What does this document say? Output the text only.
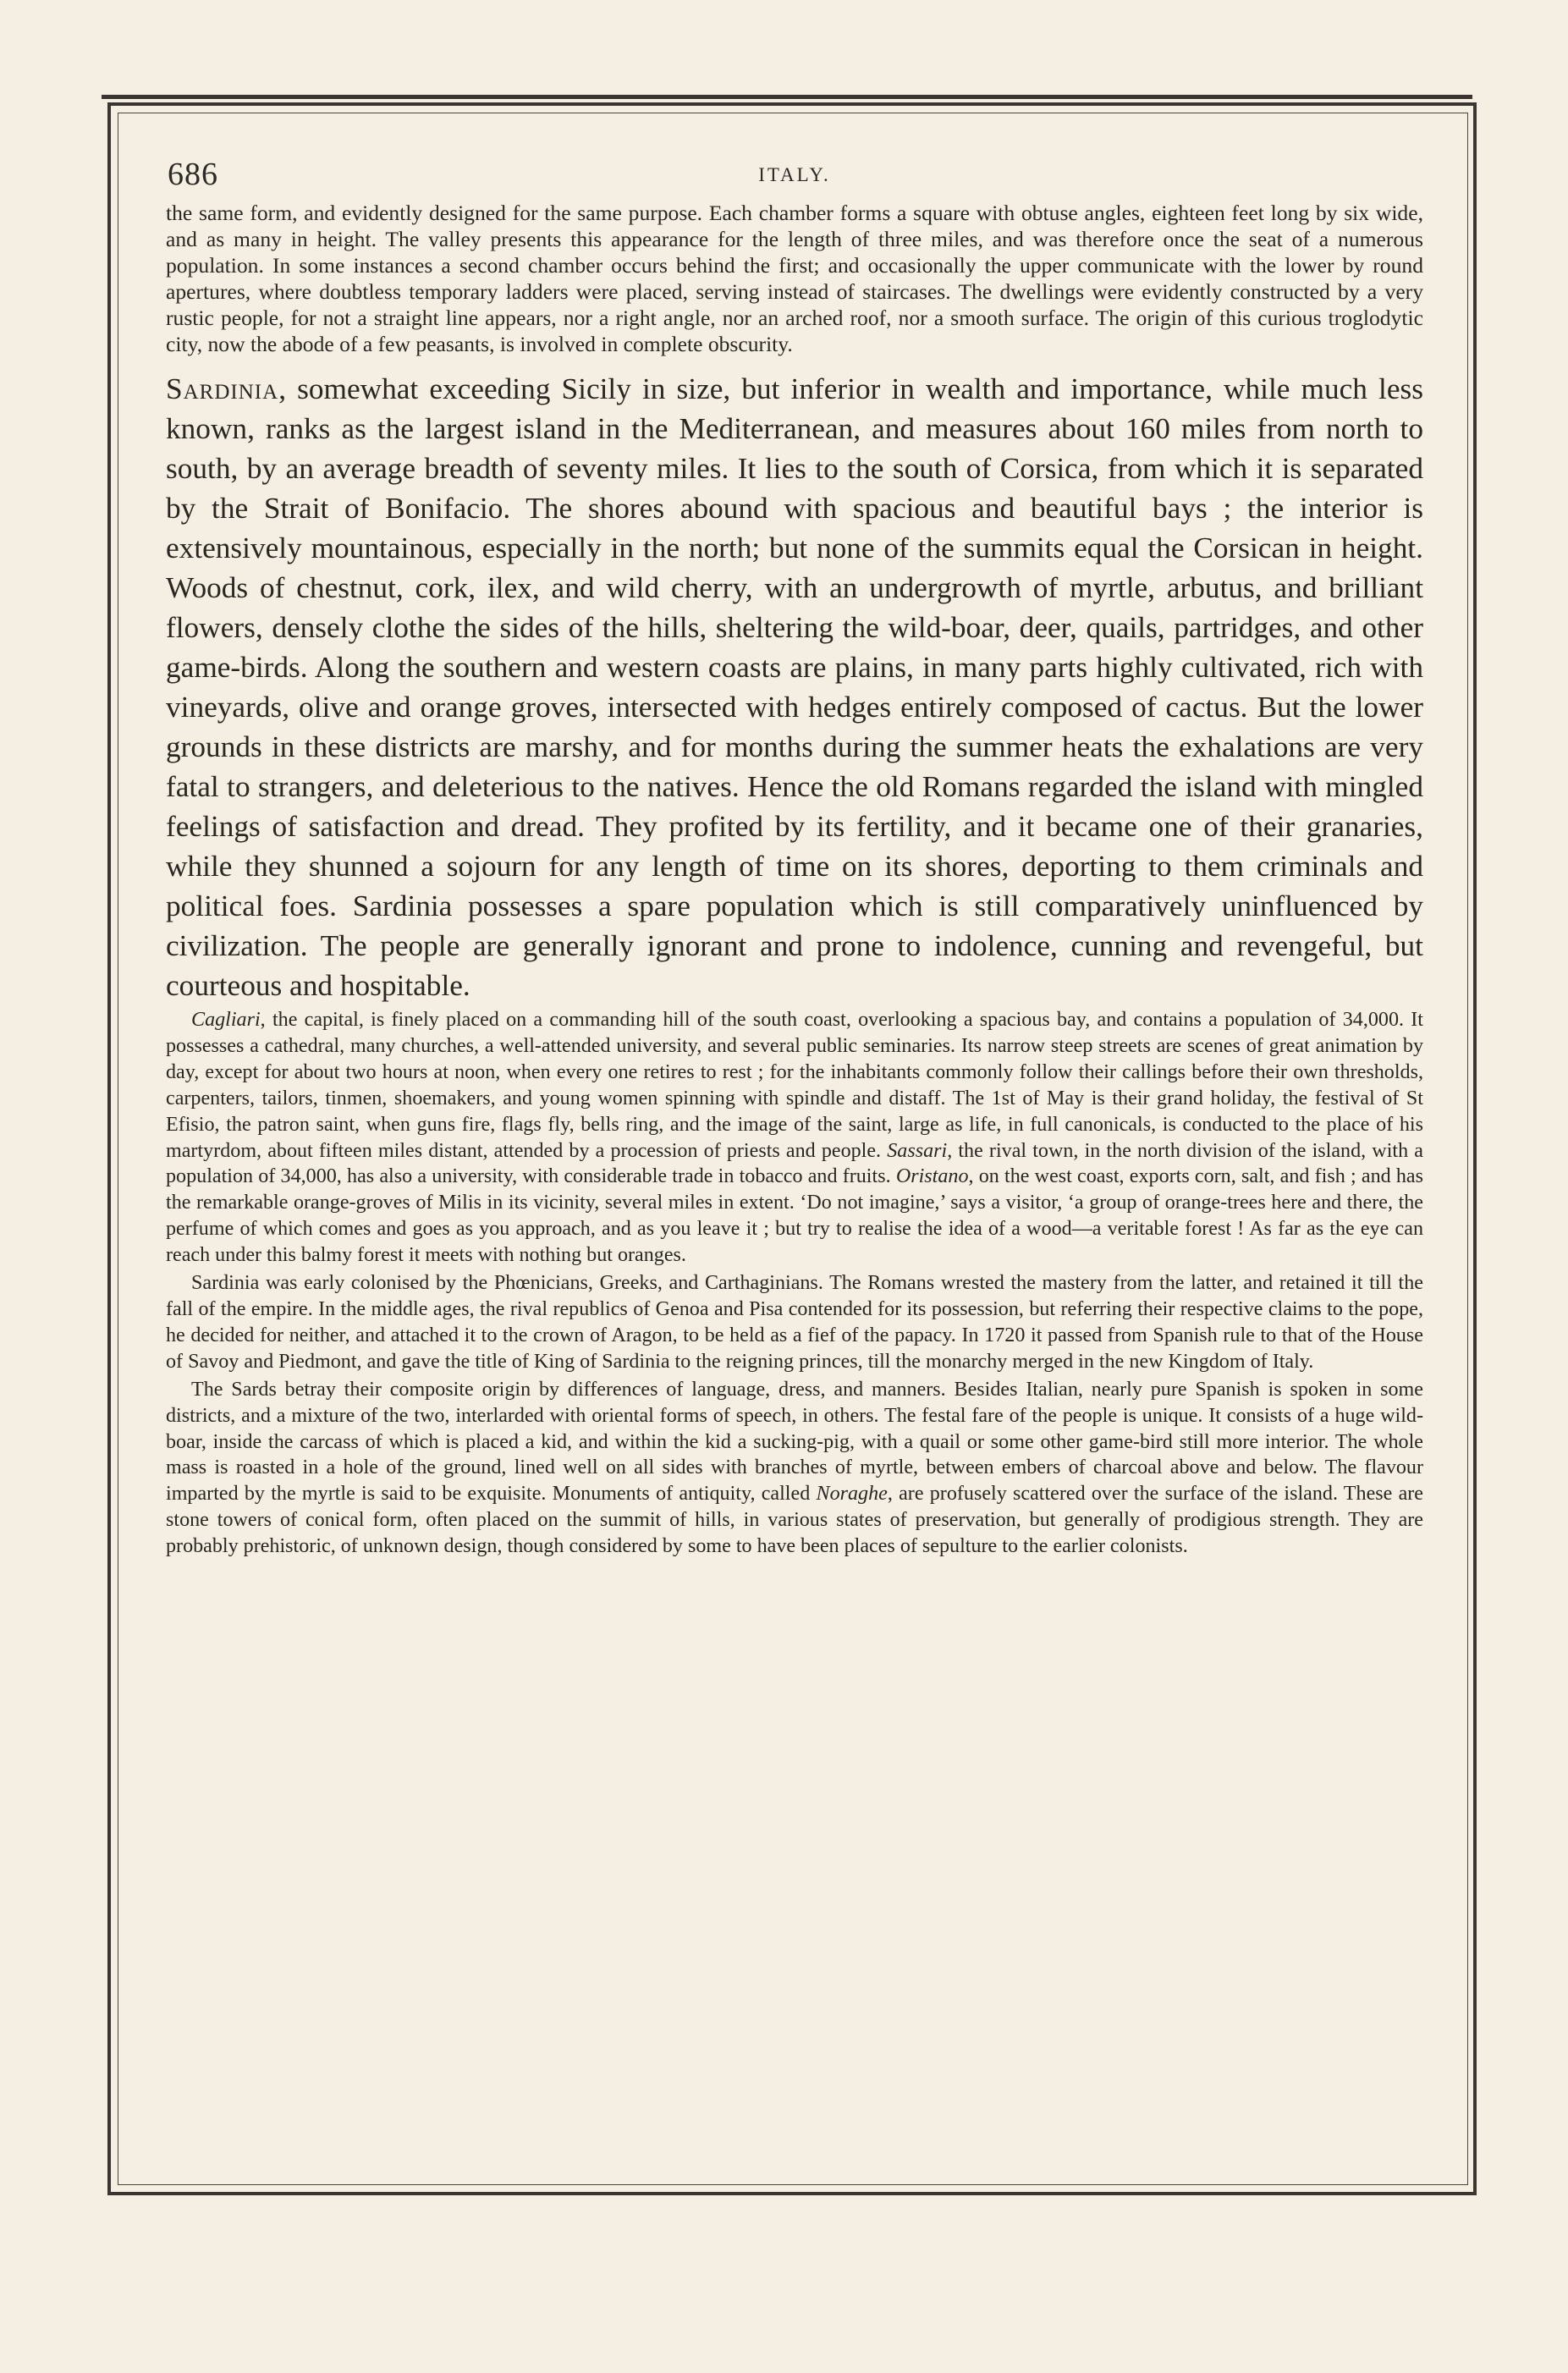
686	ITALY.

the same form, and evidently designed for the same purpose. Each chamber forms a square with obtuse angles, eighteen feet long by six wide, and as many in height. The valley presents this appearance for the length of three miles, and was therefore once the seat of a numerous population. In some instances a second chamber occurs behind the first; and occasionally the upper communicate with the lower by round apertures, where doubtless temporary ladders were placed, serving instead of staircases. The dwellings were evidently constructed by a very rustic people, for not a straight line appears, nor a right angle, nor an arched roof, nor a smooth surface. The origin of this curious troglodytic city, now the abode of a few peasants, is involved in complete obscurity.

Sardinia, somewhat exceeding Sicily in size, but inferior in wealth and importance, while much less known, ranks as the largest island in the Mediterranean, and measures about 160 miles from north to south, by an average breadth of seventy miles. It lies to the south of Corsica, from which it is separated by the Strait of Bonifacio. The shores abound with spacious and beautiful bays ; the interior is extensively mountainous, especially in the north; but none of the summits equal the Corsican in height. Woods of chestnut, cork, ilex, and wild cherry, with an undergrowth of myrtle, arbutus, and brilliant flowers, densely clothe the sides of the hills, sheltering the wild-boar, deer, quails, partridges, and other game-birds. Along the southern and western coasts are plains, in many parts highly cultivated, rich with vineyards, olive and orange groves, intersected with hedges entirely composed of cactus. But the lower grounds in these districts are marshy, and for months during the summer heats the exhalations are very fatal to strangers, and deleterious to the natives. Hence the old Romans regarded the island with mingled feelings of satisfaction and dread. They profited by its fertility, and it became one of their granaries, while they shunned a sojourn for any length of time on its shores, deporting to them criminals and political foes. Sardinia possesses a spare population which is still comparatively uninfluenced by civilization. The people are generally ignorant and prone to indolence, cunning and revengeful, but courteous and hospitable.

Cagliari, the capital, is finely placed on a commanding hill of the south coast, overlooking a spacious bay, and contains a population of 34,000. It possesses a cathedral, many churches, a well-attended university, and several public seminaries. Its narrow steep streets are scenes of great animation by day, except for about two hours at noon, when every one retires to rest ; for the inhabitants commonly follow their callings before their own thresholds, carpenters, tailors, tinmen, shoemakers, and young women spinning with spindle and distaff. The 1st of May is their grand holiday, the festival of St Efisio, the patron saint, when guns fire, flags fly, bells ring, and the image of the saint, large as life, in full canonicals, is conducted to the place of his martyrdom, about fifteen miles distant, attended by a procession of priests and people. Sassari, the rival town, in the north division of the island, with a population of 34,000, has also a university, with considerable trade in tobacco and fruits. Oristano, on the west coast, exports corn, salt, and fish ; and has the remarkable orange-groves of Milis in its vicinity, several miles in extent. ‘Do not imagine,’ says a visitor, ‘a group of orange-trees here and there, the perfume of which comes and goes as you approach, and as you leave it ; but try to realise the idea of a wood—a veritable forest ! As far as the eye can reach under this balmy forest it meets with nothing but oranges.

Sardinia was early colonised by the Phœnicians, Greeks, and Carthaginians. The Romans wrested the mastery from the latter, and retained it till the fall of the empire. In the middle ages, the rival republics of Genoa and Pisa contended for its possession, but referring their respective claims to the pope, he decided for neither, and attached it to the crown of Aragon, to be held as a fief of the papacy. In 1720 it passed from Spanish rule to that of the House of Savoy and Piedmont, and gave the title of King of Sardinia to the reigning princes, till the monarchy merged in the new Kingdom of Italy.

The Sards betray their composite origin by differences of language, dress, and manners. Besides Italian, nearly pure Spanish is spoken in some districts, and a mixture of the two, interlarded with oriental forms of speech, in others. The festal fare of the people is unique. It consists of a huge wild-boar, inside the carcass of which is placed a kid, and within the kid a sucking-pig, with a quail or some other game-bird still more interior. The whole mass is roasted in a hole of the ground, lined well on all sides with branches of myrtle, between embers of charcoal above and below. The flavour imparted by the myrtle is said to be exquisite. Monuments of antiquity, called Noraghe, are profusely scattered over the surface of the island. These are stone towers of conical form, often placed on the summit of hills, in various states of preservation, but generally of prodigious strength. They are probably prehistoric, of unknown design, though considered by some to have been places of sepulture to the earlier colonists.
